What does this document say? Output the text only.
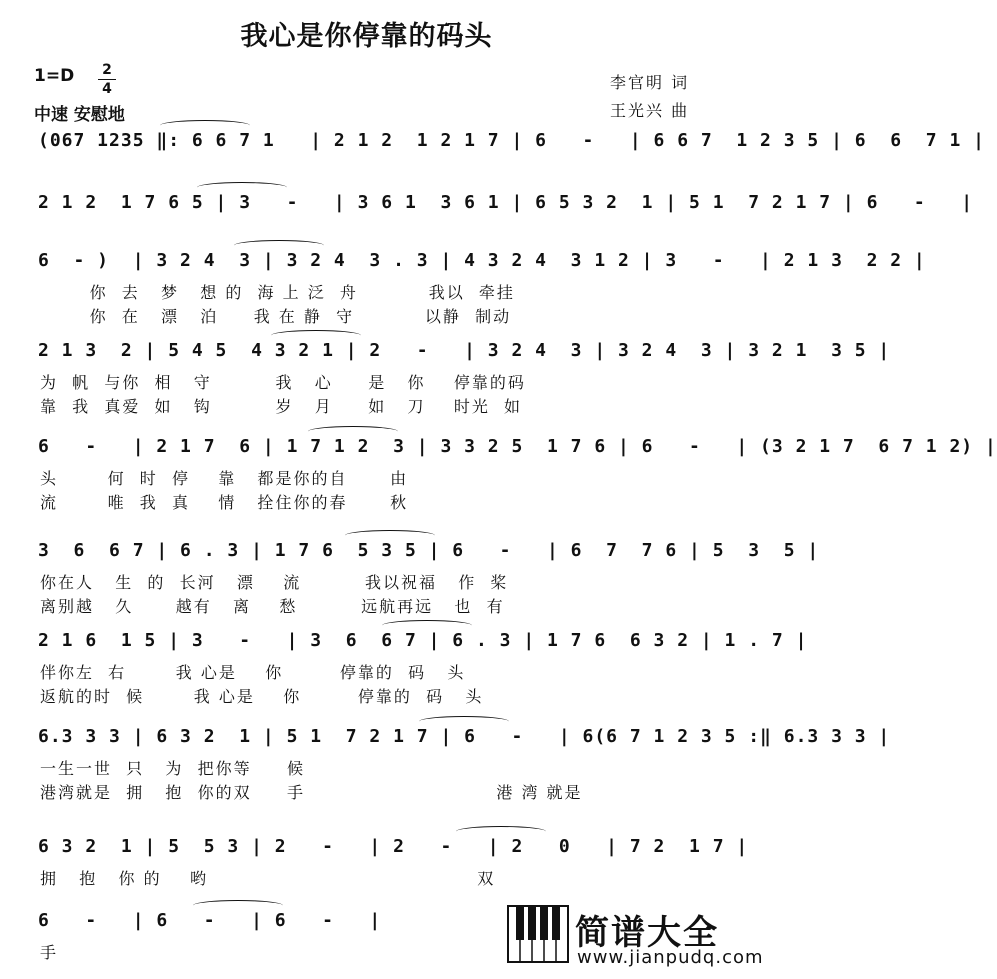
我心是你停靠的码头
1=D 2
4
中速 安慰地
李官明 词
王光兴 曲
(067 1235 ‖: 6 6 7 1   | 2 1 2  1 2 1 7 | 6   -   | 6 6 7  1 2 3 5 | 6  6  7 1 |
2 1 2  1 7 6 5 | 3   -   | 3 6 1  3 6 1 | 6 5 3 2  1 | 5 1  7 2 1 7 | 6   -   |
6  - )  | 3 2 4  3 | 3 2 4  3 . 3 | 4 3 2 4  3 1 2 | 3   -   | 2 1 3  2 2 |
你  去   梦   想 的  海 上 泛  舟          我以  牵挂
你  在   漂   泊     我 在 静  守          以静  制动
2 1 3  2 | 5 4 5  4 3 2 1 | 2   -   | 3 2 4  3 | 3 2 4  3 | 3 2 1  3 5 |
为  帆  与你  相   守         我   心     是   你    停靠的码
靠  我  真爱  如   钩         岁   月     如   刀    时光  如
6   -   | 2 1 7  6 | 1 7 1 2  3 | 3 3 2 5  1 7 6 | 6   -   | (3 2 1 7  6 7 1 2) |
头       何  时  停    靠   都是你的自      由
流       唯  我  真    情   拴住你的春      秋
3  6  6 7 | 6 . 3 | 1 7 6  5 3 5 | 6   -   | 6  7  7 6 | 5  3  5 |
你在人   生  的  长河   漂    流         我以祝福   作  桨
离别越   久      越有   离    愁         远航再远   也  有
2 1 6  1 5 | 3   -   | 3  6  6 7 | 6 . 3 | 1 7 6  6 3 2 | 1 . 7 |
伴你左  右       我 心是    你        停靠的  码   头
返航的时  候       我 心是    你        停靠的  码   头
6.3 3 3 | 6 3 2  1 | 5 1  7 2 1 7 | 6   -   | 6(6 7 1 2 3 5 :‖ 6.3 3 3 |
一生一世  只   为  把你等     候
港湾就是  拥   抱  你的双     手                           港 湾 就是
6 3 2  1 | 5  5 3 | 2   -   | 2   -   | 2   0   | 7 2  1 7 |
拥   抱   你 的    哟                                      双
6   -   | 6   -   | 6   -   |
手	简谱大全
www.jianpudq.com
